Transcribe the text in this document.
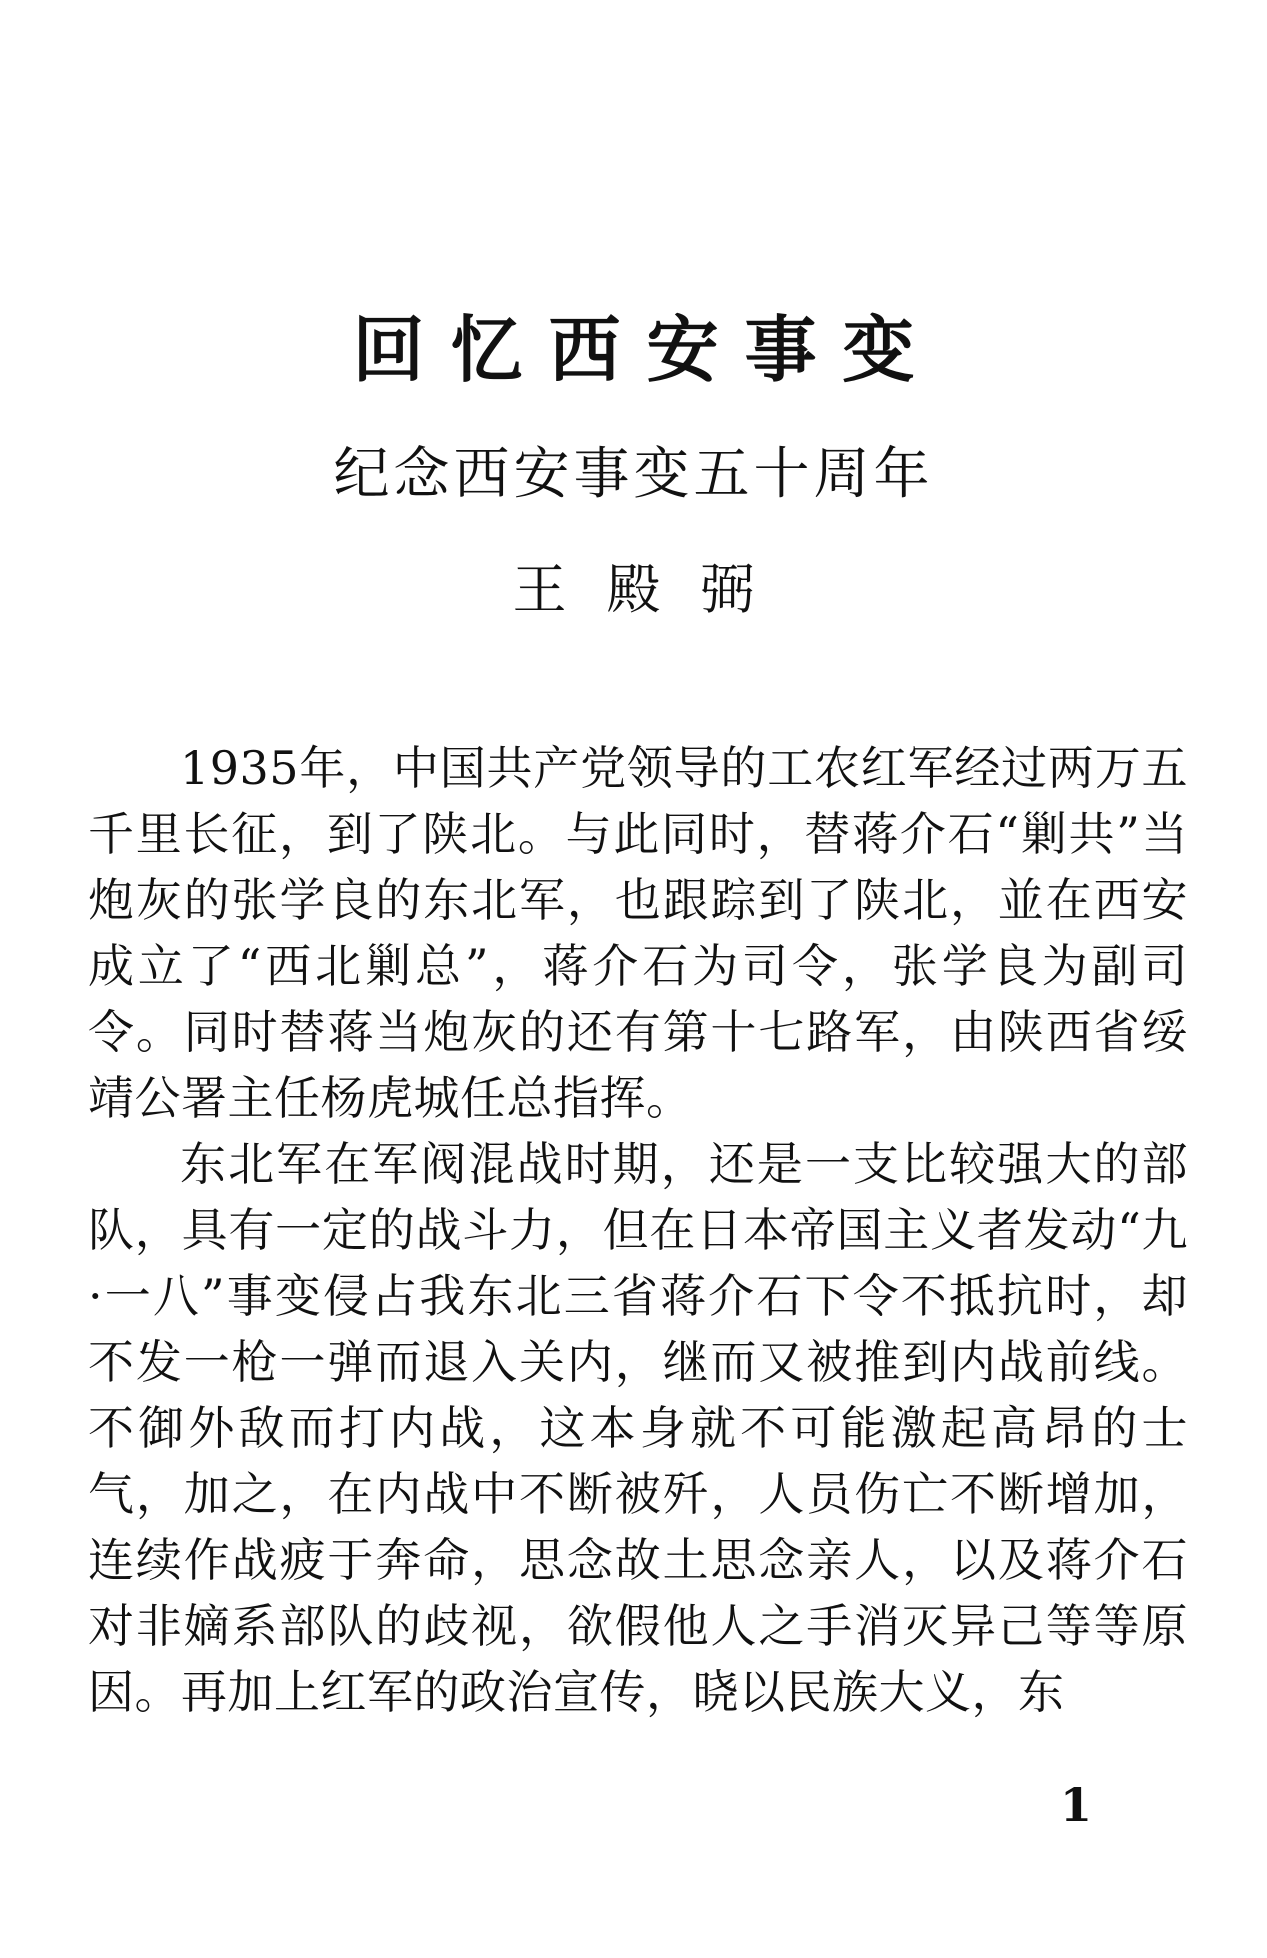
回忆西安事变
纪念西安事变五十周年
王殿弼

1935年，中国共产党领导的工农红军经过两万五千里长征，到了陕北。与此同时，替蒋介石“剿共”当炮灰的张学良的东北军，也跟踪到了陕北，並在西安成立了“西北剿总”，蒋介石为司令，张学良为副司令。同时替蒋当炮灰的还有第十七路军，由陕西省绥靖公署主任杨虎城任总指挥。

东北军在军阀混战时期，还是一支比较强大的部队，具有一定的战斗力，但在日本帝国主义者发动“九·一八”事变侵占我东北三省蒋介石下令不抵抗时，却不发一枪一弹而退入关内，继而又被推到内战前线。不御外敌而打内战，这本身就不可能激起高昂的士气，加之，在内战中不断被歼，人员伤亡不断增加，连续作战疲于奔命，思念故土思念亲人，以及蒋介石对非嫡系部队的歧视，欲假他人之手消灭异己等等原因。再加上红军的政治宣传，晓以民族大义，东

1
